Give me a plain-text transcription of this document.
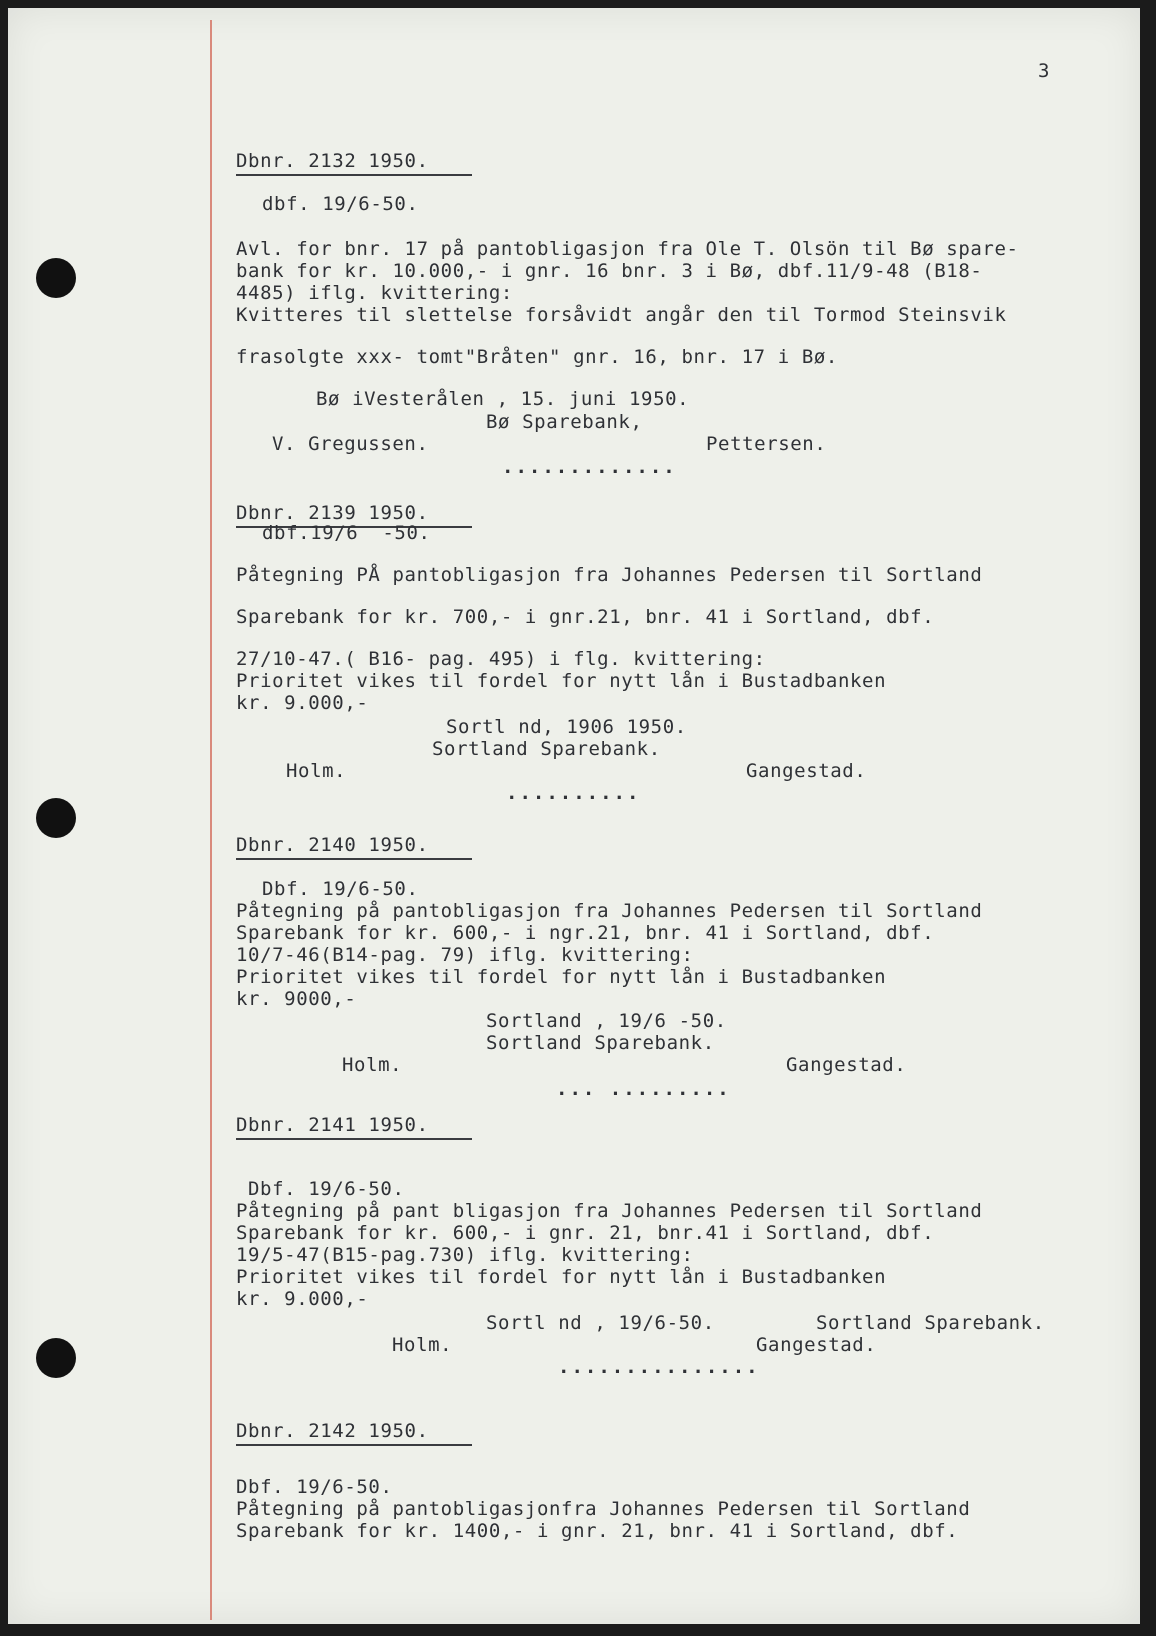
3
Dbnr. 2132 1950.
dbf. 19/6-50.
Avl. for bnr. 17 på pantobligasjon fra Ole T. Olsön til Bø spare-
bank for kr. 10.000,- i gnr. 16 bnr. 3 i Bø, dbf.11/9-48 (B18-
4485) iflg. kvittering:
Kvitteres til slettelse forsåvidt angår den til Tormod Steinsvik
frasolgte xxx- tomt"Bråten" gnr. 16, bnr. 17 i Bø.
Bø iVesterålen , 15. juni 1950.
Bø Sparebank,
V. Gregussen.	Pettersen.
.............
Dbnr. 2139 1950.
dbf.19/6  -50.
Påtegning PÅ pantobligasjon fra Johannes Pedersen til Sortland
Sparebank for kr. 700,- i gnr.21, bnr. 41 i Sortland, dbf.
27/10-47.( B16- pag. 495) i flg. kvittering:
Prioritet vikes til fordel for nytt lån i Bustadbanken
kr. 9.000,-
Sortl nd, 1906 1950.
Sortland Sparebank.
Holm.	Gangestad.
..........
Dbnr. 2140 1950.
Dbf. 19/6-50.
Påtegning på pantobligasjon fra Johannes Pedersen til Sortland
Sparebank for kr. 600,- i ngr.21, bnr. 41 i Sortland, dbf.
10/7-46(B14-pag. 79) iflg. kvittering:
Prioritet vikes til fordel for nytt lån i Bustadbanken
kr. 9000,-
Sortland , 19/6 -50.
Sortland Sparebank.
Holm.	Gangestad.
... .........
Dbnr. 2141 1950.
Dbf. 19/6-50.
Påtegning på pant bligasjon fra Johannes Pedersen til Sortland
Sparebank for kr. 600,- i gnr. 21, bnr.41 i Sortland, dbf.
19/5-47(B15-pag.730) iflg. kvittering:
Prioritet vikes til fordel for nytt lån i Bustadbanken
kr. 9.000,-
Sortl nd , 19/6-50.	Sortland Sparebank.
Holm.	Gangestad.
...............
Dbnr. 2142 1950.
Dbf. 19/6-50.
Påtegning på pantobligasjonfra Johannes Pedersen til Sortland
Sparebank for kr. 1400,- i gnr. 21, bnr. 41 i Sortland, dbf.
